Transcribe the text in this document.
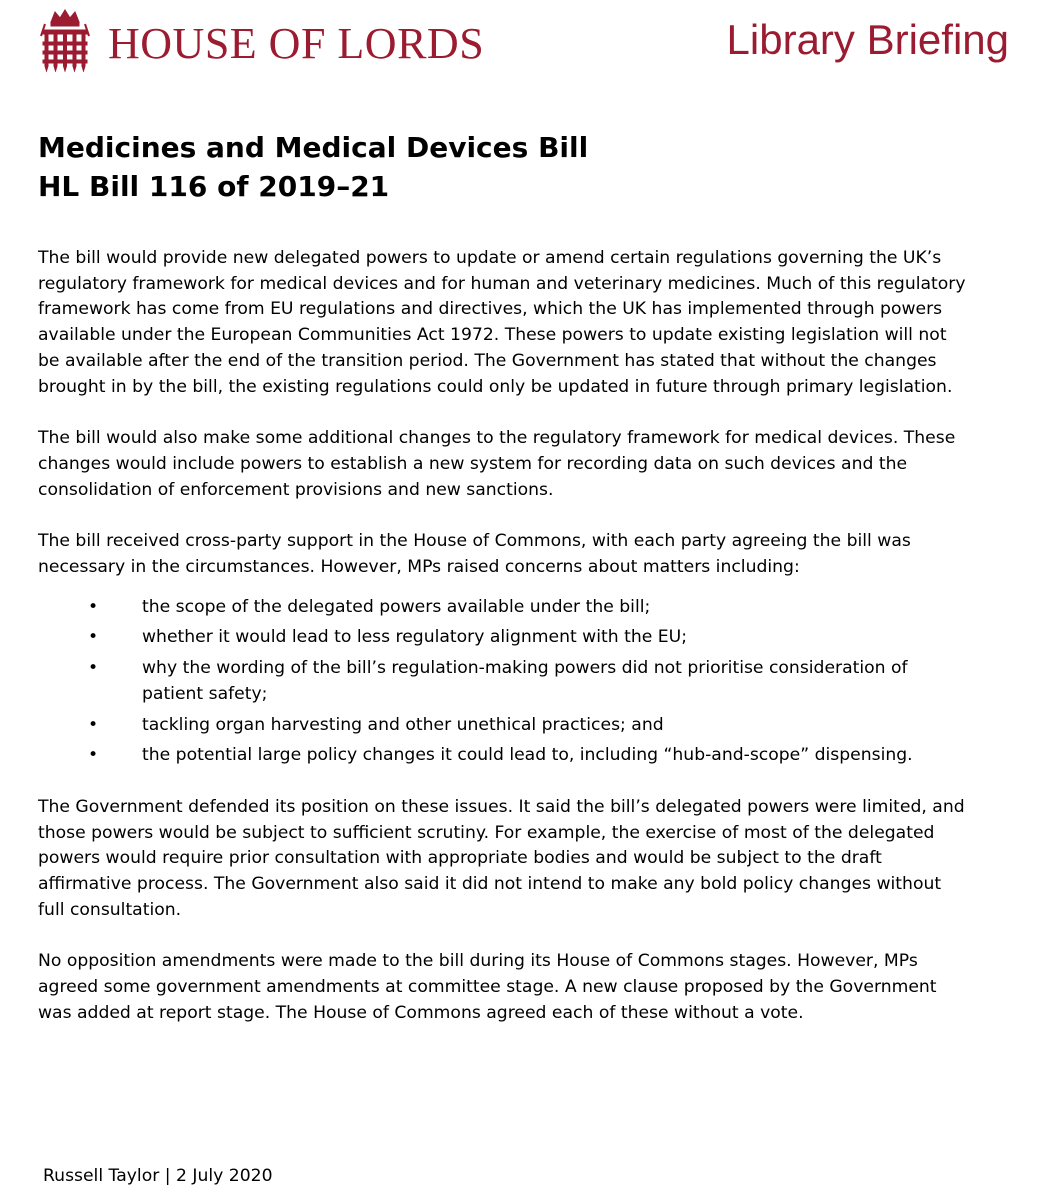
HOUSE OF LORDS	Library Briefing
Medicines and Medical Devices Bill
HL Bill 116 of 2019–21

The bill would provide new delegated powers to update or amend certain regulations governing the UK’s regulatory framework for medical devices and for human and veterinary medicines. Much of this regulatory framework has come from EU regulations and directives, which the UK has implemented through powers available under the European Communities Act 1972. These powers to update existing legislation will not be available after the end of the transition period. The Government has stated that without the changes brought in by the bill, the existing regulations could only be updated in future through primary legislation.

The bill would also make some additional changes to the regulatory framework for medical devices. These changes would include powers to establish a new system for recording data on such devices and the consolidation of enforcement provisions and new sanctions.

The bill received cross-party support in the House of Commons, with each party agreeing the bill was necessary in the circumstances. However, MPs raised concerns about matters including:

•	the scope of the delegated powers available under the bill;
•	whether it would lead to less regulatory alignment with the EU;
•	why the wording of the bill’s regulation-making powers did not prioritise consideration of patient safety;
•	tackling organ harvesting and other unethical practices; and
•	the potential large policy changes it could lead to, including “hub-and-scope” dispensing.

The Government defended its position on these issues. It said the bill’s delegated powers were limited, and those powers would be subject to sufficient scrutiny. For example, the exercise of most of the delegated powers would require prior consultation with appropriate bodies and would be subject to the draft affirmative process. The Government also said it did not intend to make any bold policy changes without full consultation.

No opposition amendments were made to the bill during its House of Commons stages. However, MPs agreed some government amendments at committee stage. A new clause proposed by the Government was added at report stage. The House of Commons agreed each of these without a vote.

Russell Taylor | 2 July 2020
